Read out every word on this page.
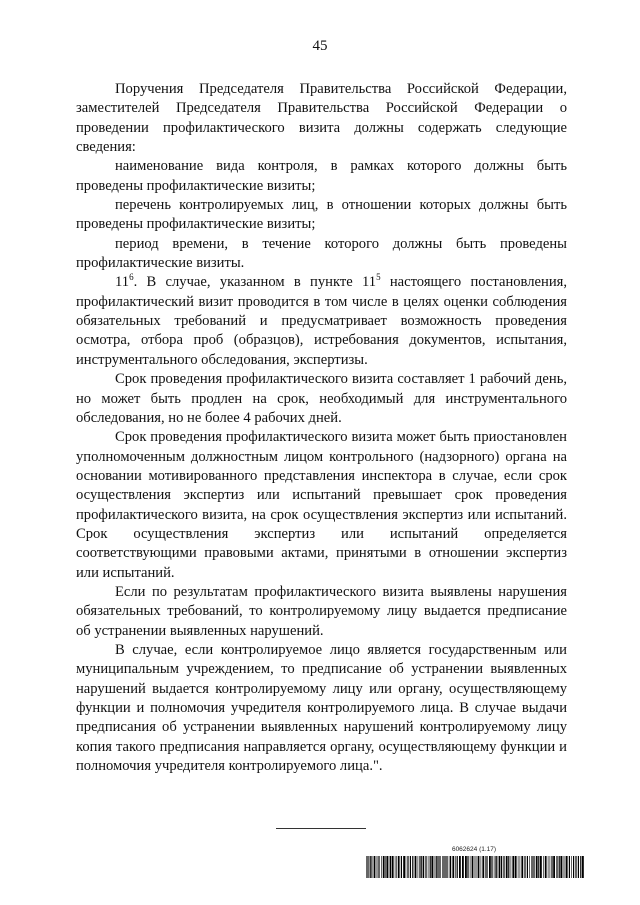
45

Поручения Председателя Правительства Российской Федерации, заместителей Председателя Правительства Российской Федерации о проведении профилактического визита должны содержать следующие сведения:

наименование вида контроля, в рамках которого должны быть проведены профилактические визиты;

перечень контролируемых лиц, в отношении которых должны быть проведены профилактические визиты;

период времени, в течение которого должны быть проведены профилактические визиты.

$11^6$. В случае, указанном в пункте $11^5$ настоящего постановления, профилактический визит проводится в том числе в целях оценки соблюдения обязательных требований и предусматривает возможность проведения осмотра, отбора проб (образцов), истребования документов, испытания, инструментального обследования, экспертизы.

Срок проведения профилактического визита составляет 1 рабочий день, но может быть продлен на срок, необходимый для инструментального обследования, но не более 4 рабочих дней.

Срок проведения профилактического визита может быть приостановлен уполномоченным должностным лицом контрольного (надзорного) органа на основании мотивированного представления инспектора в случае, если срок осуществления экспертиз или испытаний превышает срок проведения профилактического визита, на срок осуществления экспертиз или испытаний. Срок осуществления экспертиз или испытаний определяется соответствующими правовыми актами, принятыми в отношении экспертиз или испытаний.

Если по результатам профилактического визита выявлены нарушения обязательных требований, то контролируемому лицу выдается предписание об устранении выявленных нарушений.

В случае, если контролируемое лицо является государственным или муниципальным учреждением, то предписание об устранении выявленных нарушений выдается контролируемому лицу или органу, осуществляющему функции и полномочия учредителя контролируемого лица. В случае выдачи предписания об устранении выявленных нарушений контролируемому лицу копия такого предписания направляется органу, осуществляющему функции и полномочия учредителя контролируемого лица.".

6062624 (1.17)
